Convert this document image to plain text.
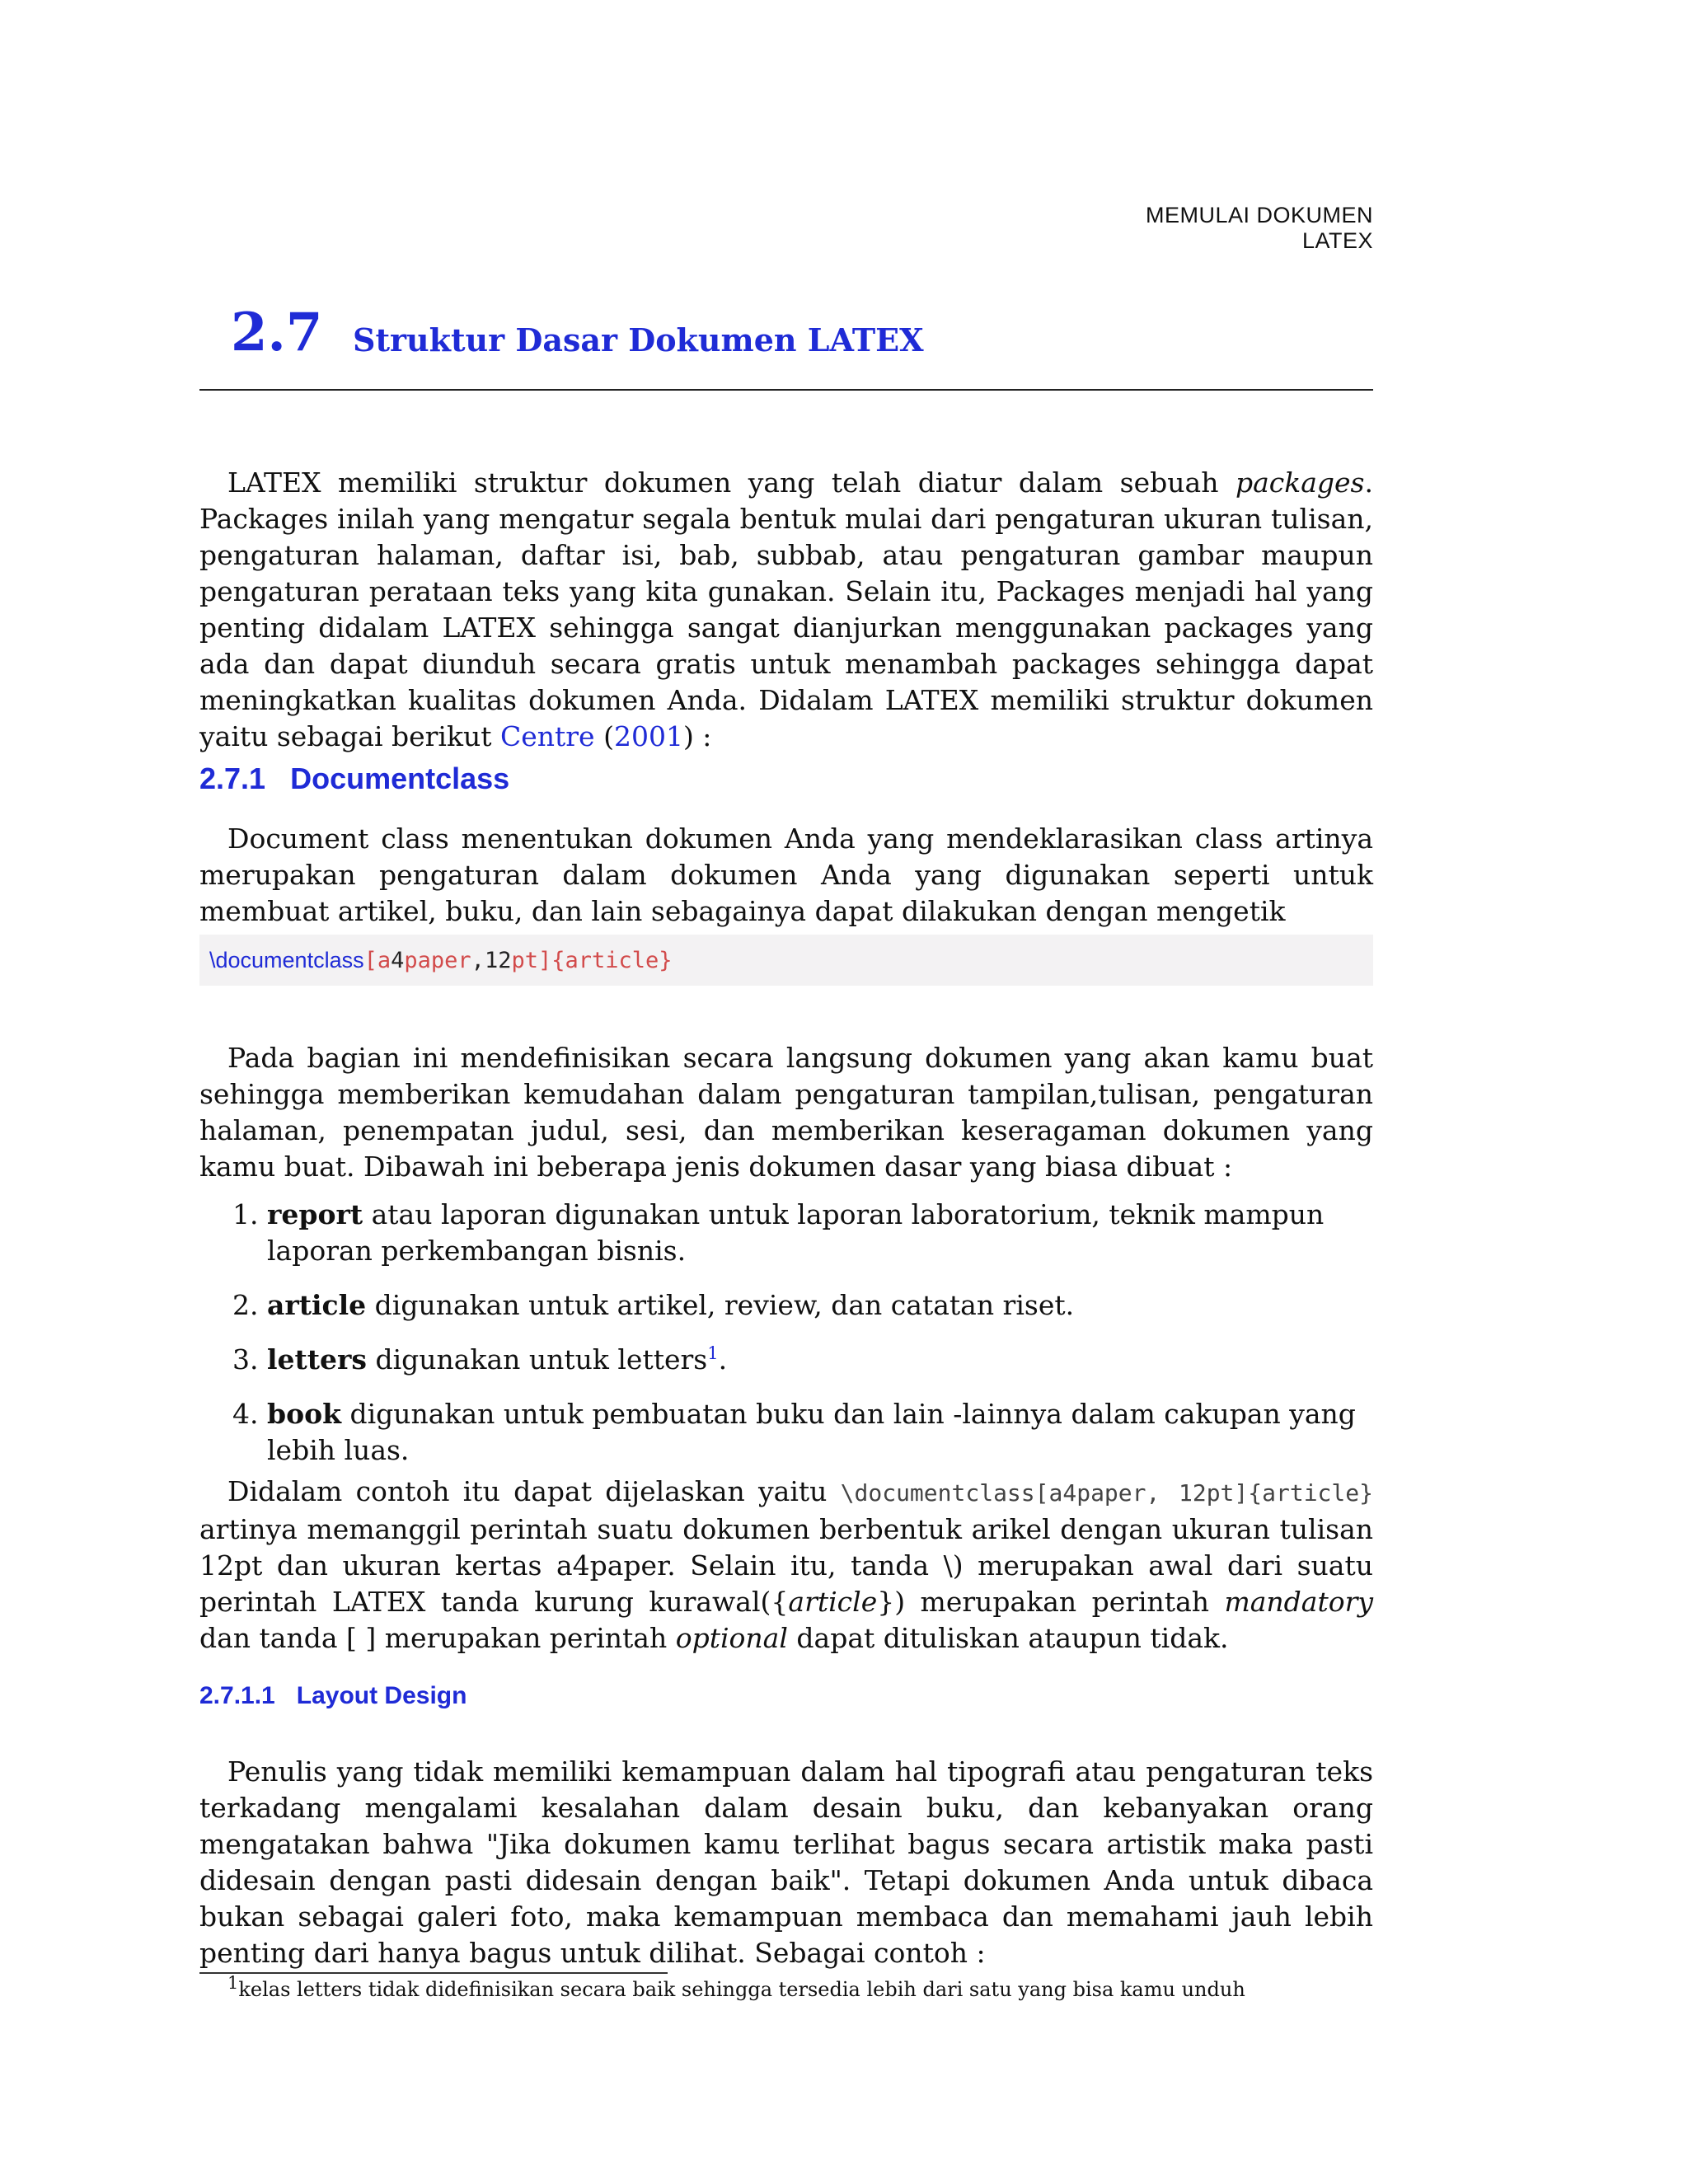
MEMULAI DOKUMEN LATEX
2.7 Struktur Dasar Dokumen LATEX
LATEX memiliki struktur dokumen yang telah diatur dalam sebuah packages. Packages inilah yang mengatur segala bentuk mulai dari pengaturan ukuran tulisan, pengaturan halaman, daftar isi, bab, subbab, atau pengaturan gambar maupun pengaturan perataan teks yang kita gunakan. Selain itu, Packages menjadi hal yang penting didalam LATEX sehingga sangat dianjurkan menggunakan packages yang ada dan dapat diunduh secara gratis untuk menambah packages sehingga dapat meningkatkan kualitas dokumen Anda. Didalam LATEX memiliki struktur dokumen yaitu sebagai berikut Centre (2001) :
2.7.1 Documentclass
Document class menentukan dokumen Anda yang mendeklarasikan class artinya merupakan pengaturan dalam dokumen Anda yang digunakan seperti untuk membuat artikel, buku, dan lain sebagainya dapat dilakukan dengan mengetik
\documentclass[a4paper,12pt]{article}
Pada bagian ini mendefinisikan secara langsung dokumen yang akan kamu buat sehingga memberikan kemudahan dalam pengaturan tampilan,tulisan, pengaturan halaman, penempatan judul, sesi, dan memberikan keseragaman dokumen yang kamu buat. Dibawah ini beberapa jenis dokumen dasar yang biasa dibuat :
1. report atau laporan digunakan untuk laporan laboratorium, teknik mampun laporan perkembangan bisnis.
2. article digunakan untuk artikel, review, dan catatan riset.
3. letters digunakan untuk letters$^1$.
4. book digunakan untuk pembuatan buku dan lain -lainnya dalam cakupan yang lebih luas.
Didalam contoh itu dapat dijelaskan yaitu \documentclass[a4paper, 12pt]{article} artinya memanggil perintah suatu dokumen berbentuk arikel dengan ukuran tulisan 12pt dan ukuran kertas a4paper. Selain itu, tanda \) merupakan awal dari suatu perintah LATEX tanda kurung kurawal({article}) merupakan perintah mandatory dan tanda [ ] merupakan perintah optional dapat dituliskan ataupun tidak.
2.7.1.1 Layout Design
Penulis yang tidak memiliki kemampuan dalam hal tipografi atau pengaturan teks terkadang mengalami kesalahan dalam desain buku, dan kebanyakan orang mengatakan bahwa "Jika dokumen kamu terlihat bagus secara artistik maka pasti didesain dengan pasti didesain dengan baik". Tetapi dokumen Anda untuk dibaca bukan sebagai galeri foto, maka kemampuan membaca dan memahami jauh lebih penting dari hanya bagus untuk dilihat. Sebagai contoh :
1kelas letters tidak didefinisikan secara baik sehingga tersedia lebih dari satu yang bisa kamu unduh
